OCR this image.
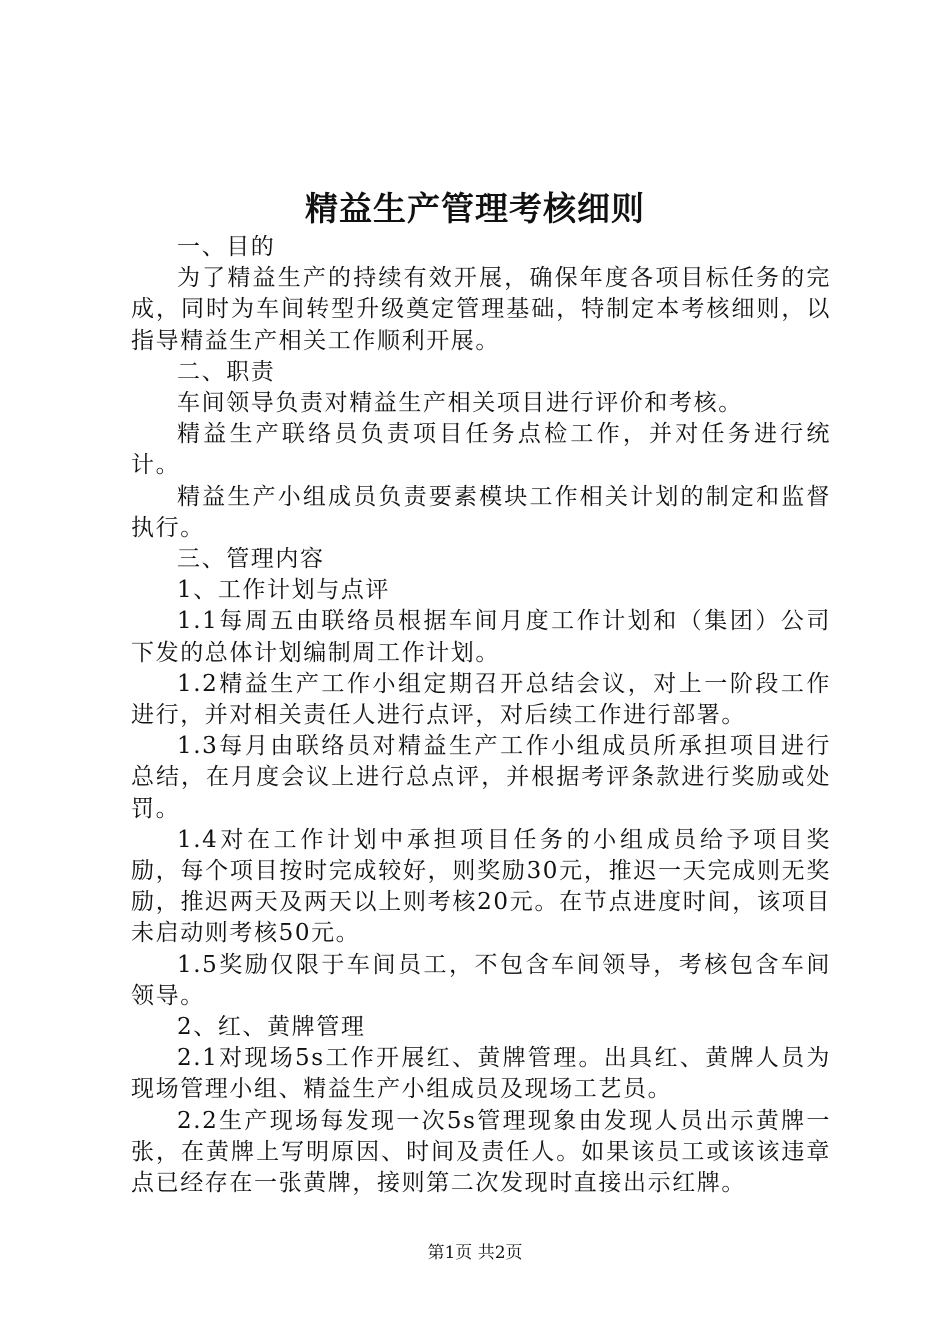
精益生产管理考核细则

一、目的

为了精益生产的持续有效开展，确保年度各项目标任务的完成，同时为车间转型升级奠定管理基础，特制定本考核细则，以指导精益生产相关工作顺利开展。

二、职责

车间领导负责对精益生产相关项目进行评价和考核。

精益生产联络员负责项目任务点检工作，并对任务进行统计。

精益生产小组成员负责要素模块工作相关计划的制定和监督执行。

三、管理内容

1、工作计划与点评

1.1每周五由联络员根据车间月度工作计划和（集团）公司下发的总体计划编制周工作计划。

1.2精益生产工作小组定期召开总结会议，对上一阶段工作进行，并对相关责任人进行点评，对后续工作进行部署。

1.3每月由联络员对精益生产工作小组成员所承担项目进行总结，在月度会议上进行总点评，并根据考评条款进行奖励或处罚。

1.4对在工作计划中承担项目任务的小组成员给予项目奖励，每个项目按时完成较好，则奖励30元，推迟一天完成则无奖励，推迟两天及两天以上则考核20元。在节点进度时间，该项目未启动则考核50元。

1.5奖励仅限于车间员工，不包含车间领导，考核包含车间领导。

2、红、黄牌管理

2.1对现场5s工作开展红、黄牌管理。出具红、黄牌人员为现场管理小组、精益生产小组成员及现场工艺员。

2.2生产现场每发现一次5s管理现象由发现人员出示黄牌一张，在黄牌上写明原因、时间及责任人。如果该员工或该该违章点已经存在一张黄牌，接则第二次发现时直接出示红牌。

第1页 共2页
